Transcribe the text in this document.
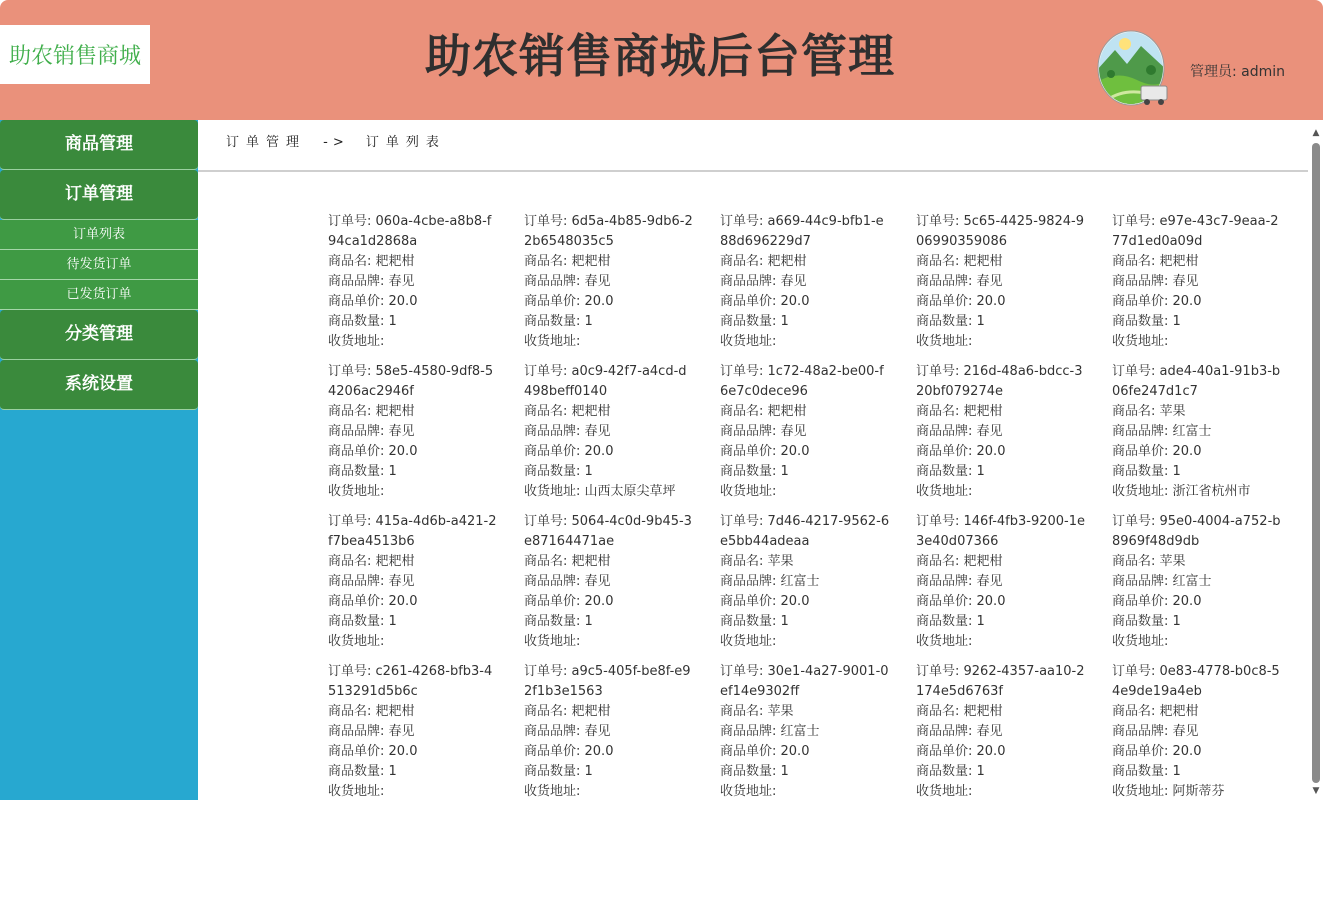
助农销售商城	助农销售商城后台管理	管理员: admin
商品管理
订单管理
订单列表
待发货订单
已发货订单
分类管理
系统设置
订单管理 -> 订单列表
▲
▼
订单号: 060a-4cbe-a8b8-f94ca1d2868a
商品名: 耙耙柑
商品品牌: 春见
商品单价: 20.0
商品数量: 1
收货地址:
订单号: 6d5a-4b85-9db6-22b6548035c5
商品名: 耙耙柑
商品品牌: 春见
商品单价: 20.0
商品数量: 1
收货地址:
订单号: a669-44c9-bfb1-e88d696229d7
商品名: 耙耙柑
商品品牌: 春见
商品单价: 20.0
商品数量: 1
收货地址:
订单号: 5c65-4425-9824-906990359086
商品名: 耙耙柑
商品品牌: 春见
商品单价: 20.0
商品数量: 1
收货地址:
订单号: e97e-43c7-9eaa-277d1ed0a09d
商品名: 耙耙柑
商品品牌: 春见
商品单价: 20.0
商品数量: 1
收货地址:
订单号: 58e5-4580-9df8-54206ac2946f
商品名: 耙耙柑
商品品牌: 春见
商品单价: 20.0
商品数量: 1
收货地址:
订单号: a0c9-42f7-a4cd-d498beff0140
商品名: 耙耙柑
商品品牌: 春见
商品单价: 20.0
商品数量: 1
收货地址: 山西太原尖草坪
订单号: 1c72-48a2-be00-f6e7c0dece96
商品名: 耙耙柑
商品品牌: 春见
商品单价: 20.0
商品数量: 1
收货地址:
订单号: 216d-48a6-bdcc-320bf079274e
商品名: 耙耙柑
商品品牌: 春见
商品单价: 20.0
商品数量: 1
收货地址:
订单号: ade4-40a1-91b3-b06fe247d1c7
商品名: 苹果
商品品牌: 红富士
商品单价: 20.0
商品数量: 1
收货地址: 浙江省杭州市
订单号: 415a-4d6b-a421-2f7bea4513b6
商品名: 耙耙柑
商品品牌: 春见
商品单价: 20.0
商品数量: 1
收货地址:
订单号: 5064-4c0d-9b45-3e87164471ae
商品名: 耙耙柑
商品品牌: 春见
商品单价: 20.0
商品数量: 1
收货地址:
订单号: 7d46-4217-9562-6e5bb44adeaa
商品名: 苹果
商品品牌: 红富士
商品单价: 20.0
商品数量: 1
收货地址:
订单号: 146f-4fb3-9200-1e3e40d07366
商品名: 耙耙柑
商品品牌: 春见
商品单价: 20.0
商品数量: 1
收货地址:
订单号: 95e0-4004-a752-b8969f48d9db
商品名: 苹果
商品品牌: 红富士
商品单价: 20.0
商品数量: 1
收货地址:
订单号: c261-4268-bfb3-4513291d5b6c
商品名: 耙耙柑
商品品牌: 春见
商品单价: 20.0
商品数量: 1
收货地址:
订单号: a9c5-405f-be8f-e92f1b3e1563
商品名: 耙耙柑
商品品牌: 春见
商品单价: 20.0
商品数量: 1
收货地址:
订单号: 30e1-4a27-9001-0ef14e9302ff
商品名: 苹果
商品品牌: 红富士
商品单价: 20.0
商品数量: 1
收货地址:
订单号: 9262-4357-aa10-2174e5d6763f
商品名: 耙耙柑
商品品牌: 春见
商品单价: 20.0
商品数量: 1
收货地址:
订单号: 0e83-4778-b0c8-54e9de19a4eb
商品名: 耙耙柑
商品品牌: 春见
商品单价: 20.0
商品数量: 1
收货地址: 阿斯蒂芬
